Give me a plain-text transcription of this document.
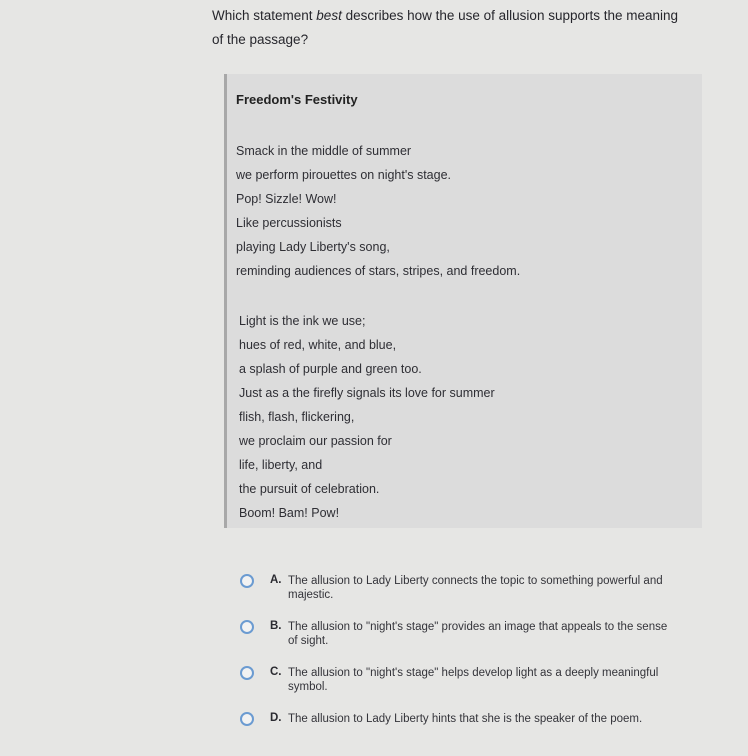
Which statement best describes how the use of allusion supports the meaning of the passage?
Freedom's Festivity
Smack in the middle of summer
we perform pirouettes on night's stage.
Pop! Sizzle! Wow!
Like percussionists
playing Lady Liberty's song,
reminding audiences of stars, stripes, and freedom.
Light is the ink we use;
hues of red, white, and blue,
a splash of purple and green too.
Just as a the firefly signals its love for summer
flish, flash, flickering,
we proclaim our passion for
life, liberty, and
the pursuit of celebration.
Boom! Bam! Pow!
A. The allusion to Lady Liberty connects the topic to something powerful and majestic.
B. The allusion to "night's stage" provides an image that appeals to the sense of sight.
C. The allusion to "night's stage" helps develop light as a deeply meaningful symbol.
D. The allusion to Lady Liberty hints that she is the speaker of the poem.
